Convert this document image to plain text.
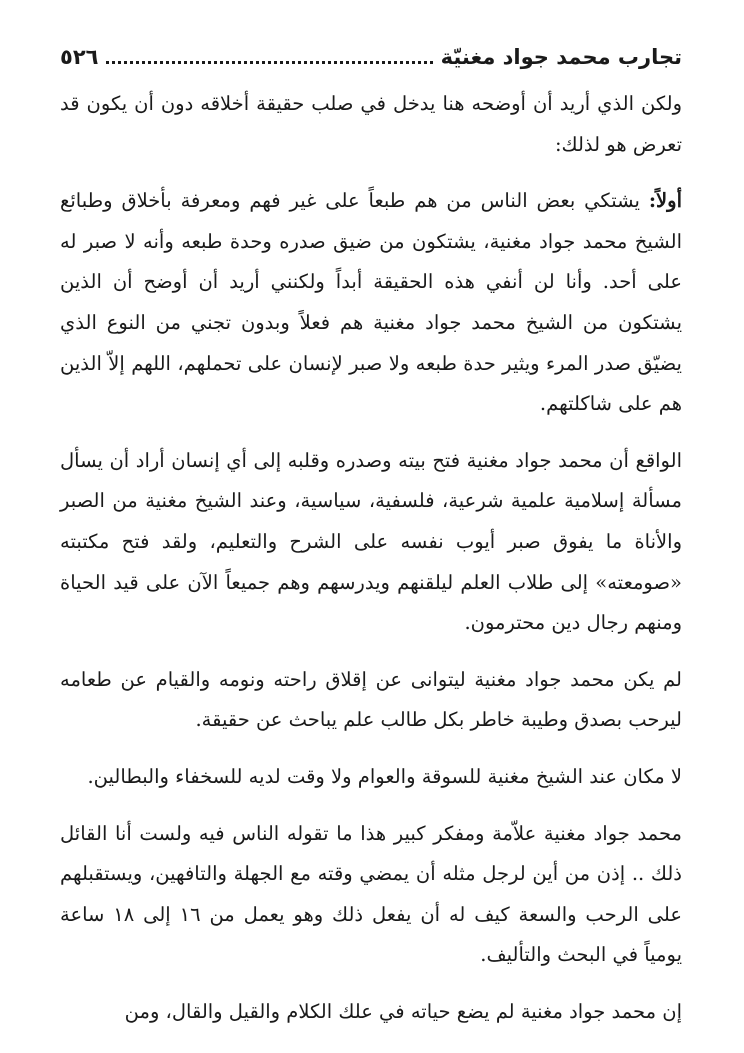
تجارب محمد جواد مغنيّة
٥٢٦

ولكن الذي أريد أن أوضحه هنا يدخل في صلب حقيقة أخلاقه دون أن يكون قد تعرض هو لذلك:

أولاً: يشتكي بعض الناس من هم طبعاً على غير فهم ومعرفة بأخلاق وطبائع الشيخ محمد جواد مغنية، يشتكون من ضيق صدره وحدة طبعه وأنه لا صبر له على أحد. وأنا لن أنفي هذه الحقيقة أبداً ولكنني أريد أن أوضح أن الذين يشتكون من الشيخ محمد جواد مغنية هم فعلاً وبدون تجني من النوع الذي يضيّق صدر المرء ويثير حدة طبعه ولا صبر لإنسان على تحملهم، اللهم إلاّ الذين هم على شاكلتهم.

الواقع أن محمد جواد مغنية فتح بيته وصدره وقلبه إلى أي إنسان أراد أن يسأل مسألة إسلامية علمية شرعية، فلسفية، سياسية، وعند الشيخ مغنية من الصبر والأناة ما يفوق صبر أيوب نفسه على الشرح والتعليم، ولقد فتح مكتبته «صومعته» إلى طلاب العلم ليلقنهم ويدرسهم وهم جميعاً الآن على قيد الحياة ومنهم رجال دين محترمون.

لم يكن محمد جواد مغنية ليتوانى عن إقلاق راحته ونومه والقيام عن طعامه ليرحب بصدق وطيبة خاطر بكل طالب علم يباحث عن حقيقة.

لا مكان عند الشيخ مغنية للسوقة والعوام ولا وقت لديه للسخفاء والبطالين.

محمد جواد مغنية علاّمة ومفكر كبير هذا ما تقوله الناس فيه ولست أنا القائل ذلك .. إذن من أين لرجل مثله أن يمضي وقته مع الجهلة والتافهين، ويستقبلهم على الرحب والسعة كيف له أن يفعل ذلك وهو يعمل من ١٦ إلى ١٨ ساعة يومياً في البحث والتأليف.

إن محمد جواد مغنية لم يضع حياته في علك الكلام والقيل والقال، ومن
